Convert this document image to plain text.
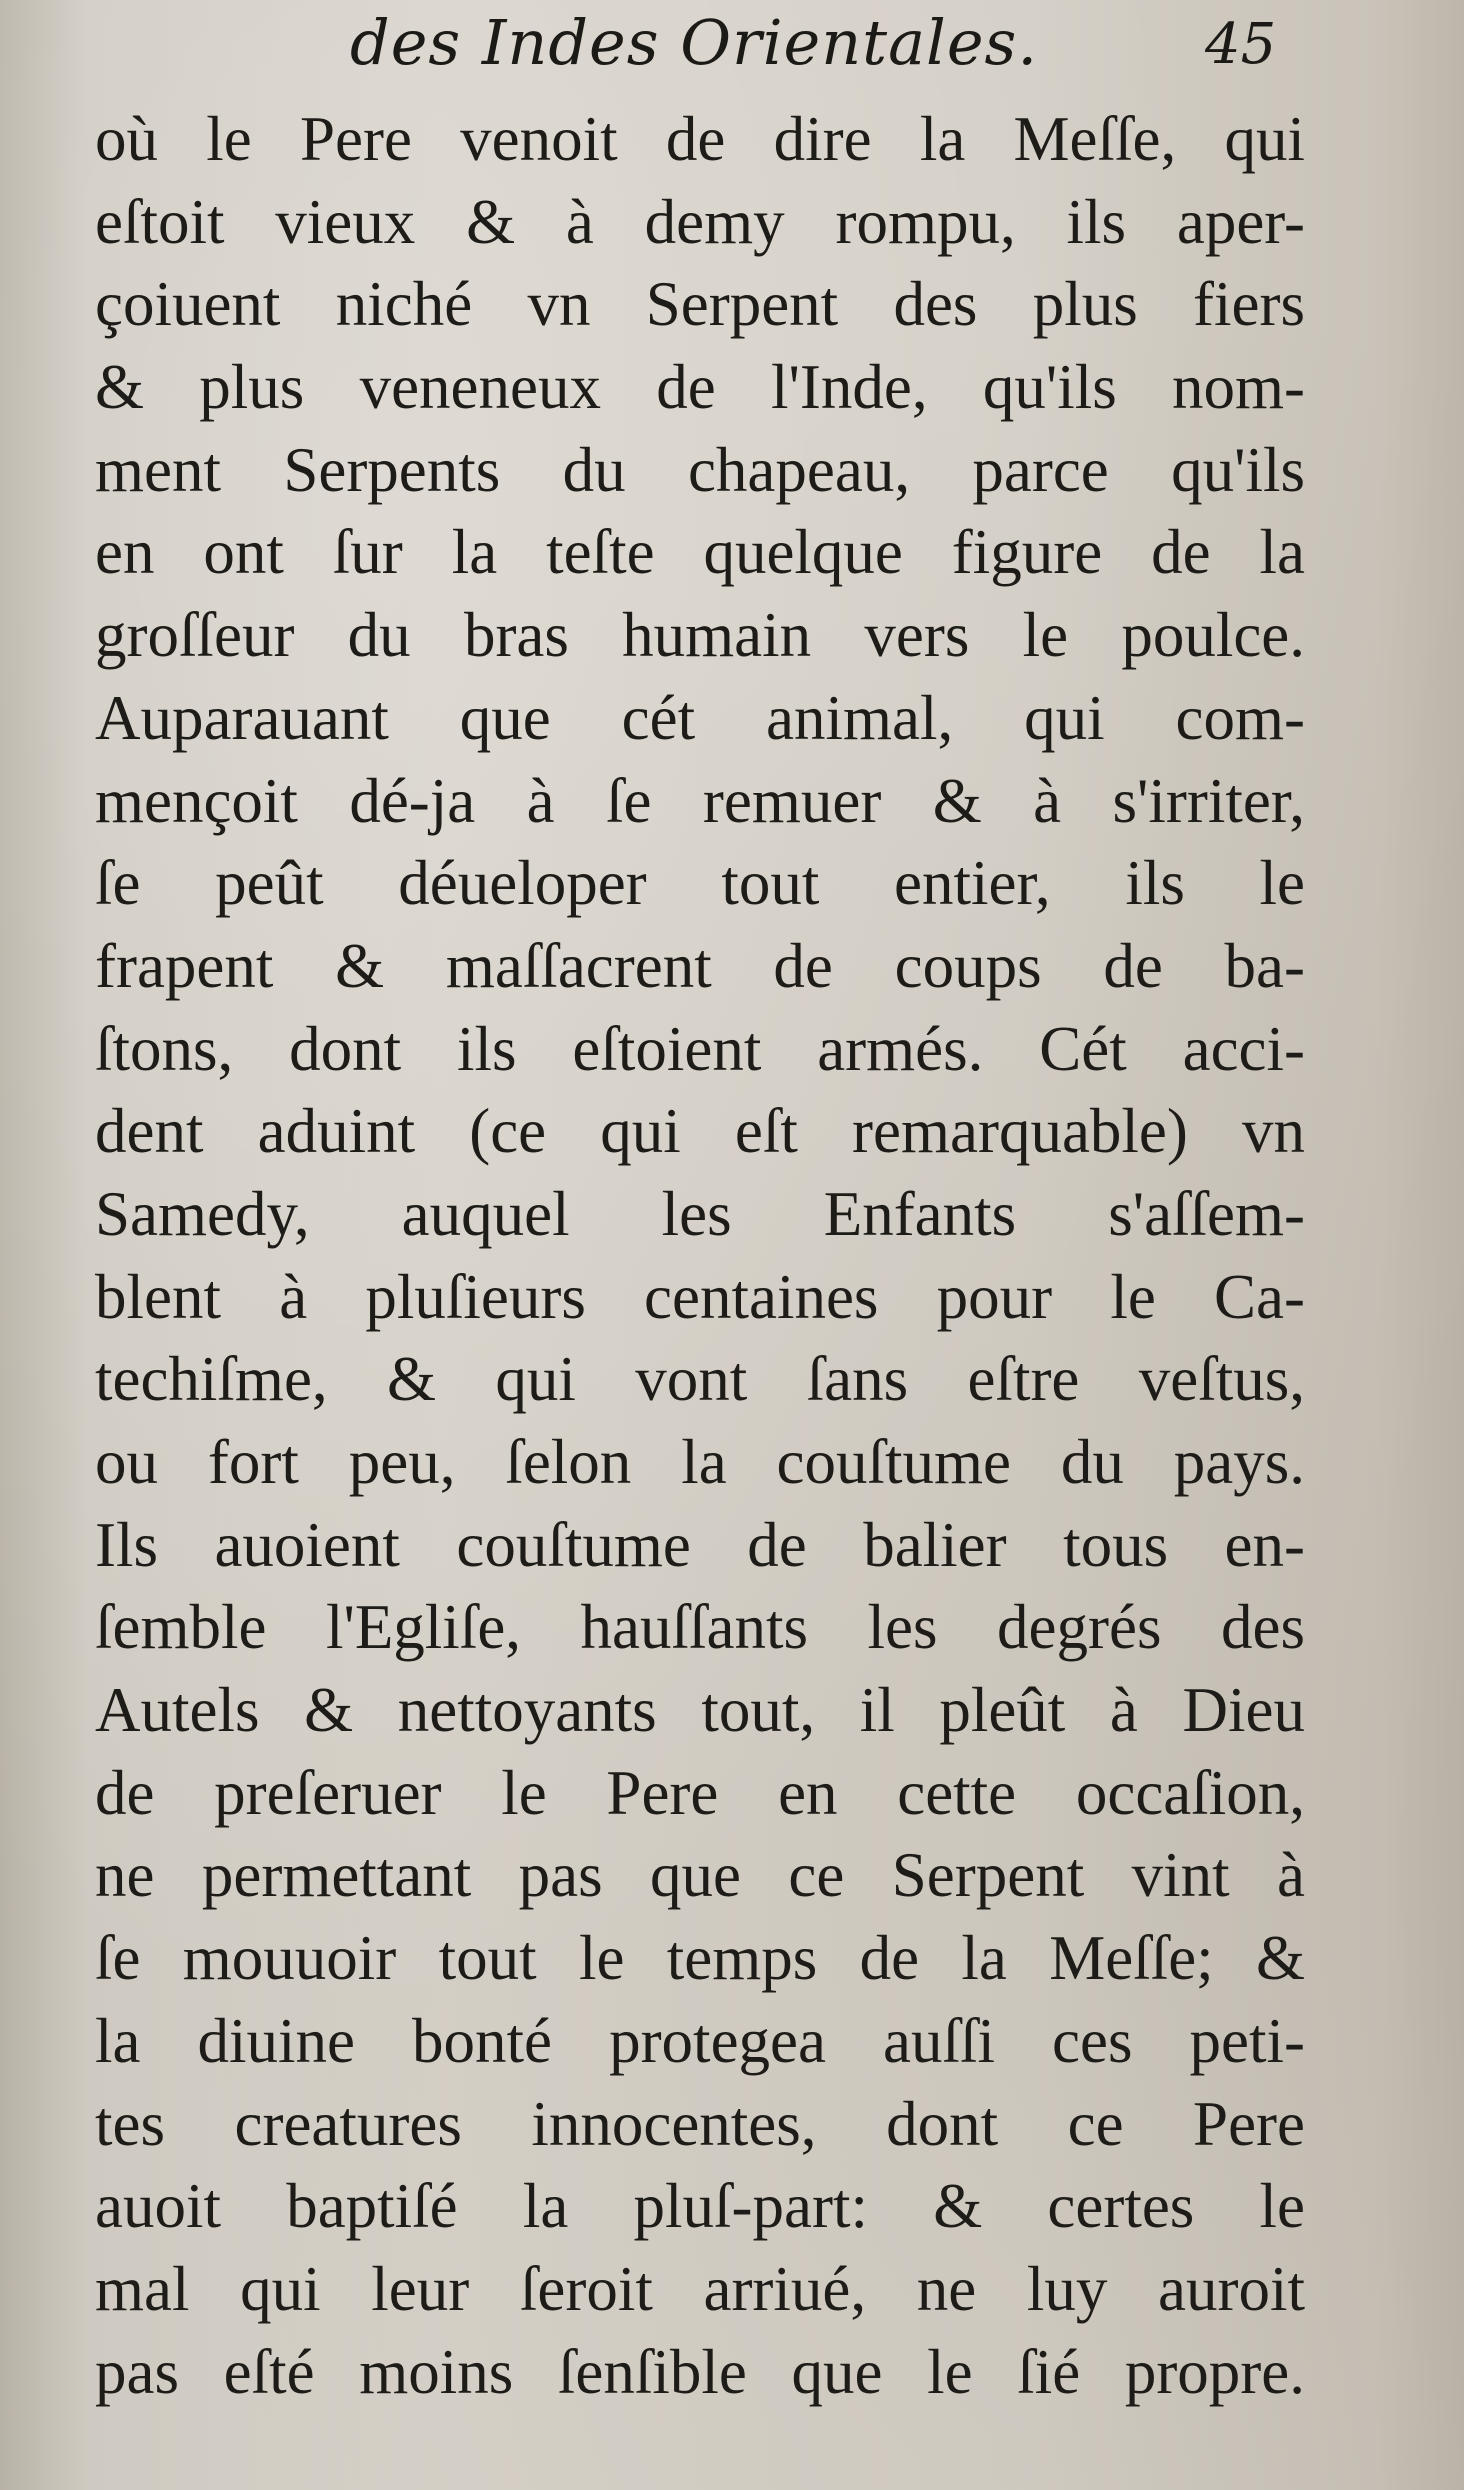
des Indes Orientales.	45
où le Pere venoit de dire la Meſſe, qui
eſtoit vieux & à demy rompu, ils aper-
çoiuent niché vn Serpent des plus fiers
& plus veneneux de l'Inde, qu'ils nom-
ment Serpents du chapeau, parce qu'ils
en ont ſur la teſte quelque figure de la
groſſeur du bras humain vers le poulce.
Auparauant que cét animal, qui com-
mençoit dé-ja à ſe remuer & à s'irriter,
ſe peût déueloper tout entier, ils le
frapent & maſſacrent de coups de ba-
ſtons, dont ils eſtoient armés. Cét acci-
dent aduint (ce qui eſt remarquable) vn
Samedy, auquel les Enfants s'aſſem-
blent à pluſieurs centaines pour le Ca-
techiſme, & qui vont ſans eſtre veſtus,
ou fort peu, ſelon la couſtume du pays.
Ils auoient couſtume de balier tous en-
ſemble l'Egliſe, hauſſants les degrés des
Autels & nettoyants tout, il pleût à Dieu
de preſeruer le Pere en cette occaſion,
ne permettant pas que ce Serpent vint à
ſe mouuoir tout le temps de la Meſſe; &
la diuine bonté protegea auſſi ces peti-
tes creatures innocentes, dont ce Pere
auoit baptiſé la pluſ-part: & certes le
mal qui leur ſeroit arriué, ne luy auroit
pas eſté moins ſenſible que le ſié propre.
